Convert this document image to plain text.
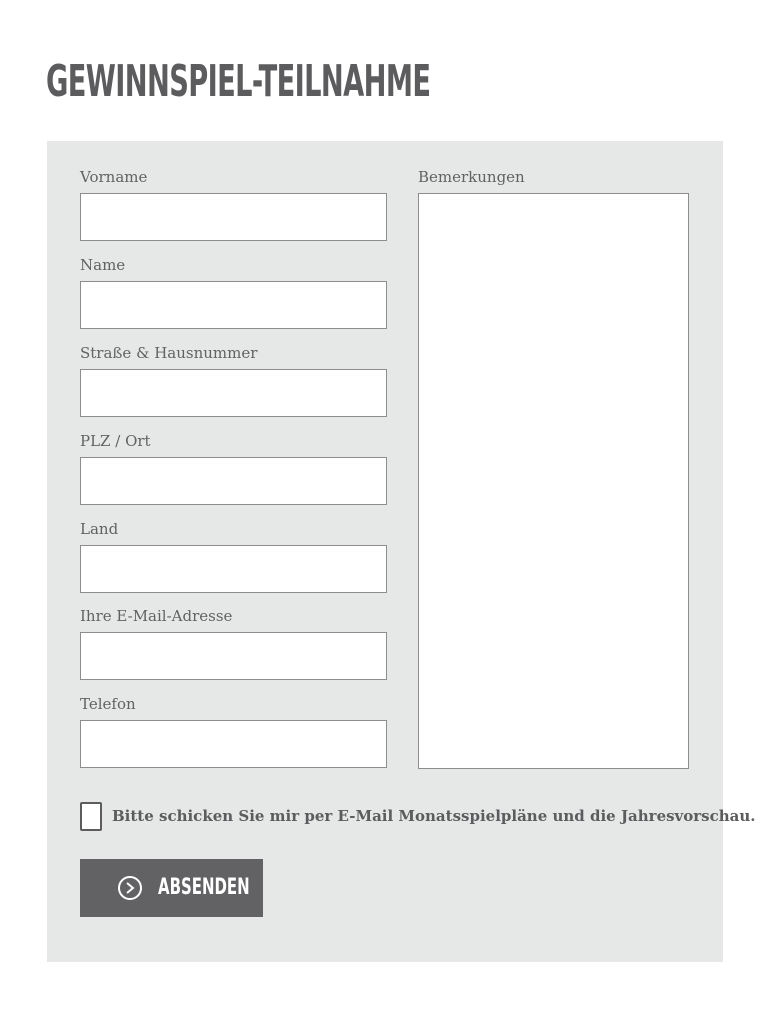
GEWINNSPIEL-TEILNAHME
Vorname
Name
Straße & Hausnummer
PLZ / Ort
Land
Ihre E-Mail-Adresse
Telefon
Bemerkungen
Bitte schicken Sie mir per E-Mail Monatsspielpläne und die Jahresvorschau.
ABSENDEN
